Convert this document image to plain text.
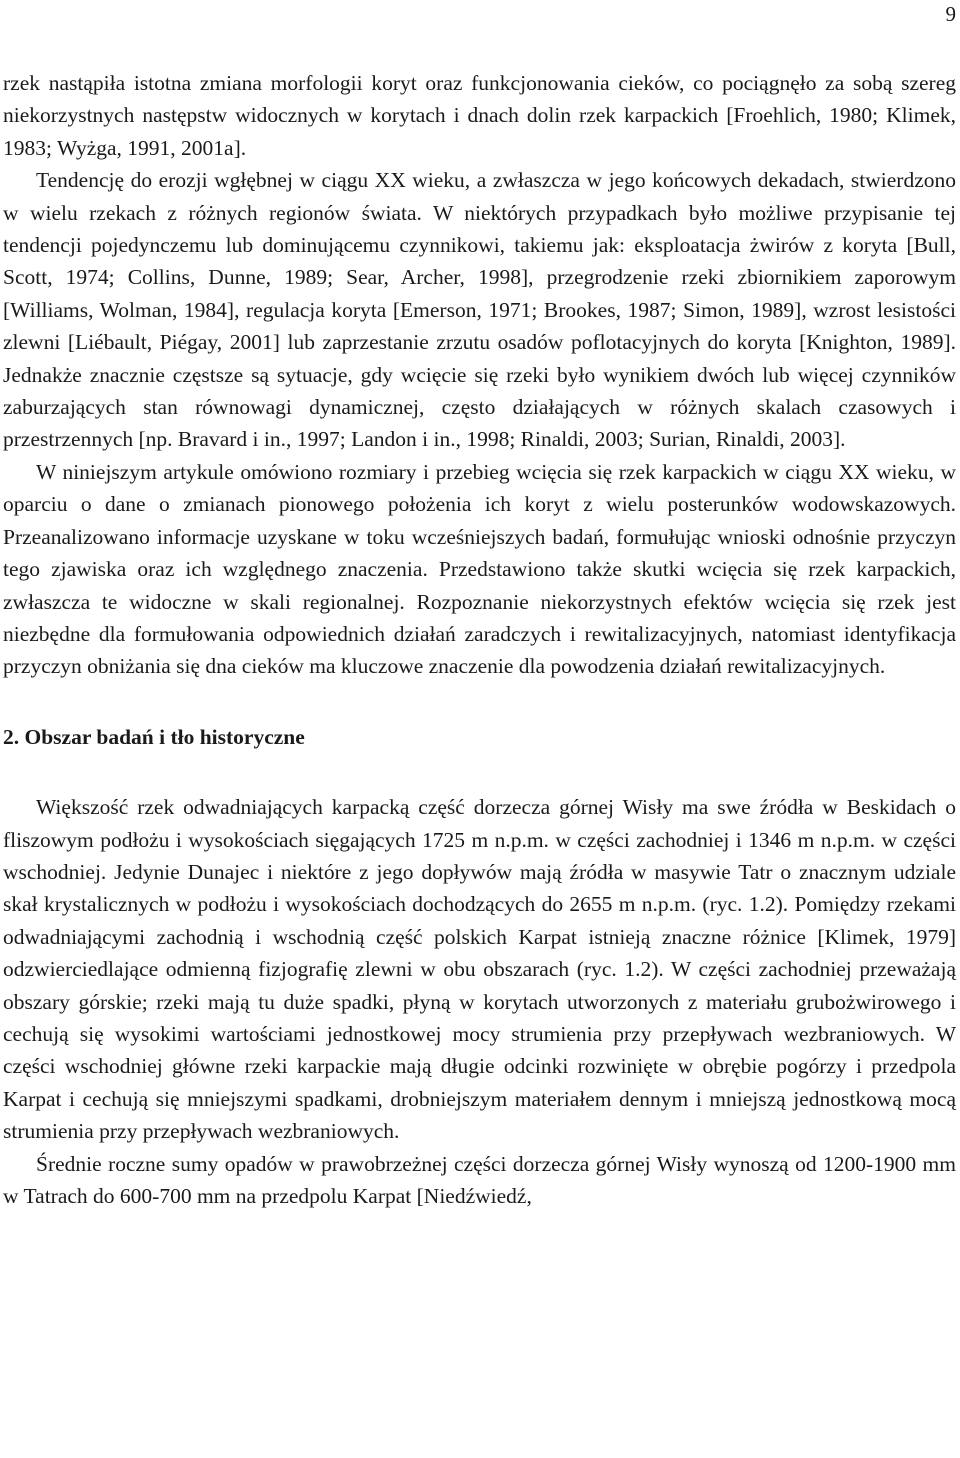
9

rzek nastąpiła istotna zmiana morfologii koryt oraz funkcjonowania cieków, co pociągnęło za sobą szereg niekorzystnych następstw widocznych w korytach i dnach dolin rzek karpackich [Froehlich, 1980; Klimek, 1983; Wyżga, 1991, 2001a].

Tendencję do erozji wgłębnej w ciągu XX wieku, a zwłaszcza w jego końcowych dekadach, stwierdzono w wielu rzekach z różnych regionów świata. W niektórych przypadkach było możliwe przypisanie tej tendencji pojedynczemu lub dominującemu czynnikowi, takiemu jak: eksploatacja żwirów z koryta [Bull, Scott, 1974; Collins, Dunne, 1989; Sear, Archer, 1998], przegrodzenie rzeki zbiornikiem zaporowym [Williams, Wolman, 1984], regulacja koryta [Emerson, 1971; Brookes, 1987; Simon, 1989], wzrost lesistości zlewni [Liébault, Piégay, 2001] lub zaprzestanie zrzutu osadów poflotacyjnych do koryta [Knighton, 1989]. Jednakże znacznie częstsze są sytuacje, gdy wcięcie się rzeki było wynikiem dwóch lub więcej czynników zaburzających stan równowagi dynamicznej, często działających w różnych skalach czasowych i przestrzennych [np. Bravard i in., 1997; Landon i in., 1998; Rinaldi, 2003; Surian, Rinaldi, 2003].

W niniejszym artykule omówiono rozmiary i przebieg wcięcia się rzek karpackich w ciągu XX wieku, w oparciu o dane o zmianach pionowego położenia ich koryt z wielu posterunków wodowskazowych. Przeanalizowano informacje uzyskane w toku wcześniejszych badań, formułując wnioski odnośnie przyczyn tego zjawiska oraz ich względnego znaczenia. Przedstawiono także skutki wcięcia się rzek karpackich, zwłaszcza te widoczne w skali regionalnej. Rozpoznanie niekorzystnych efektów wcięcia się rzek jest niezbędne dla formułowania odpowiednich działań zaradczych i rewitalizacyjnych, natomiast identyfikacja przyczyn obniżania się dna cieków ma kluczowe znaczenie dla powodzenia działań rewitalizacyjnych.

2. Obszar badań i tło historyczne

Większość rzek odwadniających karpacką część dorzecza górnej Wisły ma swe źródła w Beskidach o fliszowym podłożu i wysokościach sięgających 1725 m n.p.m. w części zachodniej i 1346 m n.p.m. w części wschodniej. Jedynie Dunajec i niektóre z jego dopływów mają źródła w masywie Tatr o znacznym udziale skał krystalicznych w podłożu i wysokościach dochodzących do 2655 m n.p.m. (ryc. 1.2). Pomiędzy rzekami odwadniającymi zachodnią i wschodnią część polskich Karpat istnieją znaczne różnice [Klimek, 1979] odzwierciedlające odmienną fizjografię zlewni w obu obszarach (ryc. 1.2). W części zachodniej przeważają obszary górskie; rzeki mają tu duże spadki, płyną w korytach utworzonych z materiału grubożwirowego i cechują się wysokimi wartościami jednostkowej mocy strumienia przy przepływach wezbraniowych. W części wschodniej główne rzeki karpackie mają długie odcinki rozwinięte w obrębie pogórzy i przedpola Karpat i cechują się mniejszymi spadkami, drobniejszym materiałem dennym i mniejszą jednostkową mocą strumienia przy przepływach wezbraniowych.

Średnie roczne sumy opadów w prawobrzeżnej części dorzecza górnej Wisły wynoszą od 1200-1900 mm w Tatrach do 600-700 mm na przedpolu Karpat [Niedźwiedź,
